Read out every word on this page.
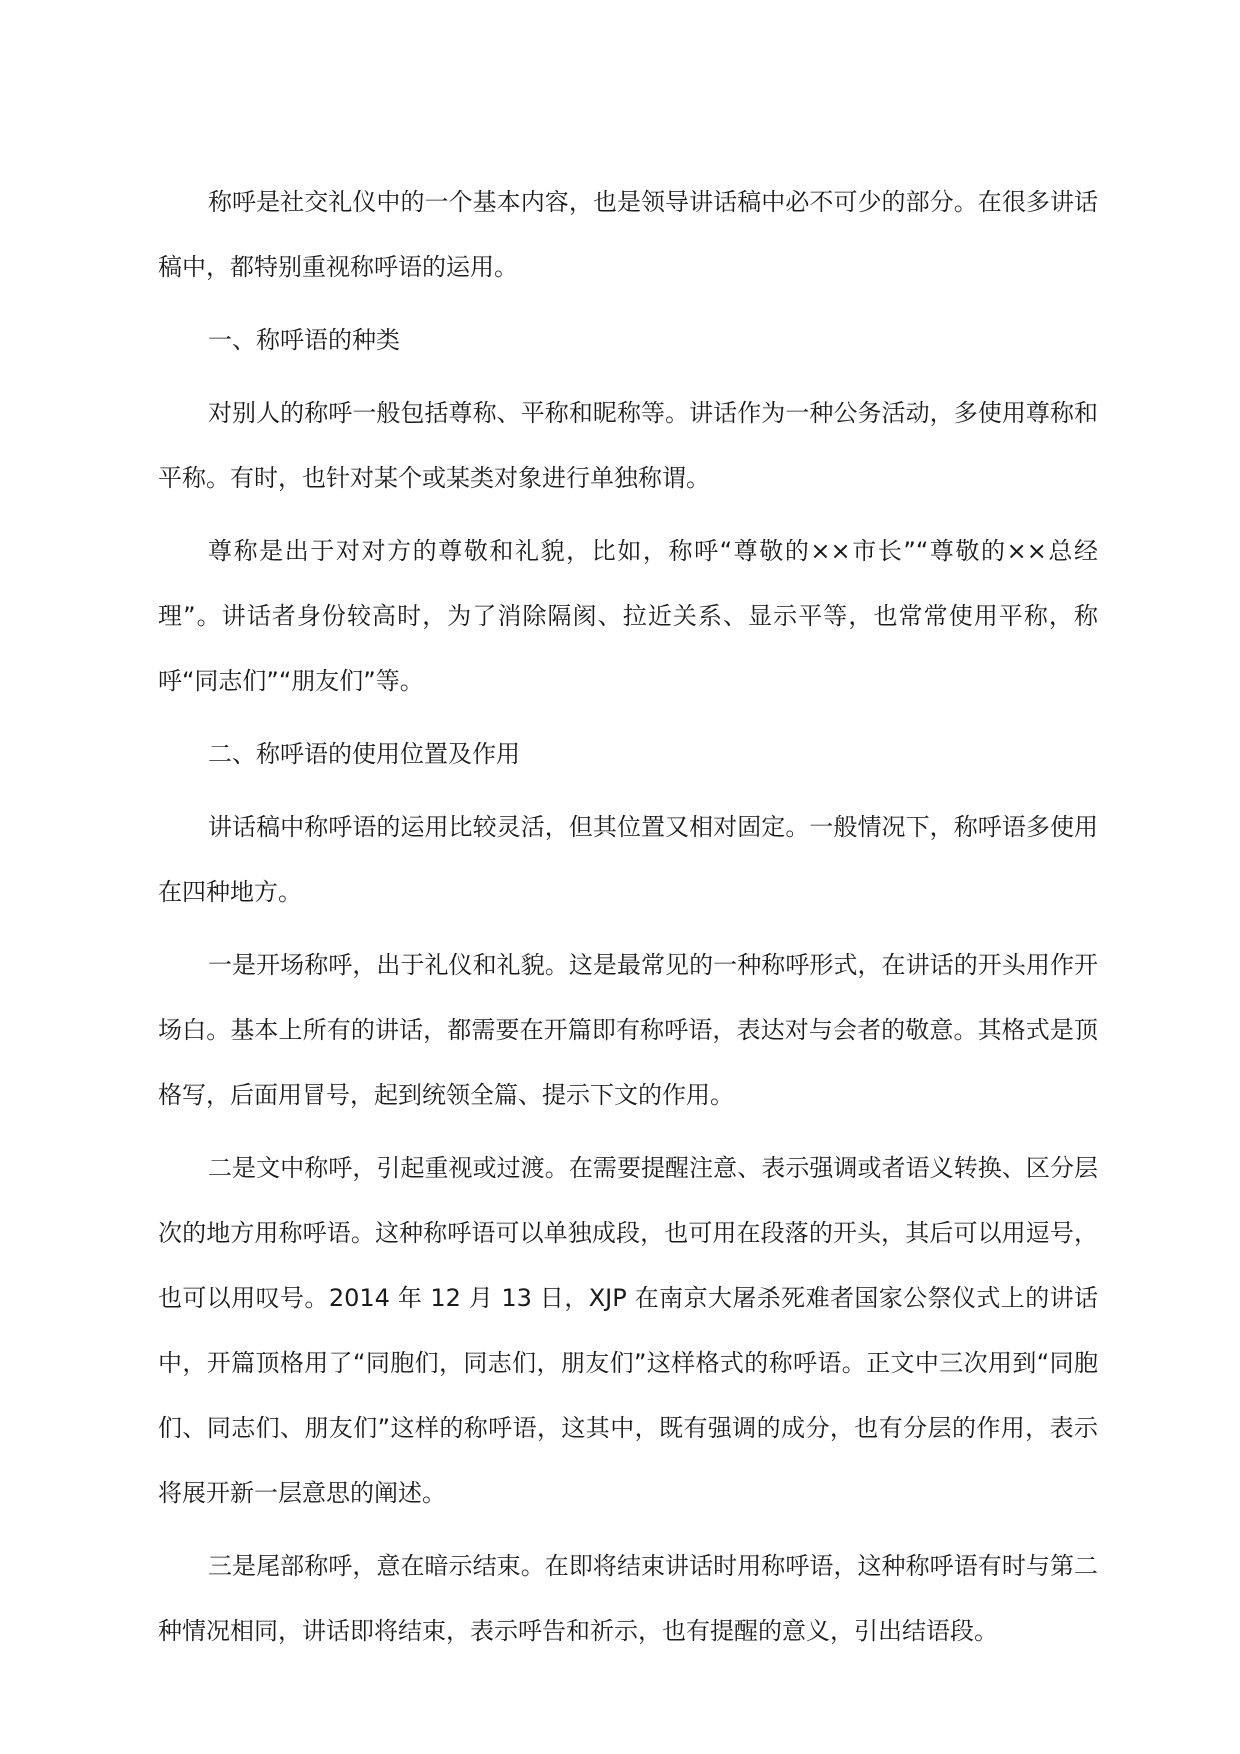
称呼是社交礼仪中的一个基本内容，也是领导讲话稿中必不可少的部分。在很多讲话稿中，都特别重视称呼语的运用。

一、称呼语的种类

对别人的称呼一般包括尊称、平称和昵称等。讲话作为一种公务活动，多使用尊称和平称。有时，也针对某个或某类对象进行单独称谓。

尊称是出于对对方的尊敬和礼貌，比如，称呼“尊敬的××市长”“尊敬的××总经理”。讲话者身份较高时，为了消除隔阂、拉近关系、显示平等，也常常使用平称，称呼“同志们”“朋友们”等。

二、称呼语的使用位置及作用

讲话稿中称呼语的运用比较灵活，但其位置又相对固定。一般情况下，称呼语多使用在四种地方。

一是开场称呼，出于礼仪和礼貌。这是最常见的一种称呼形式，在讲话的开头用作开场白。基本上所有的讲话，都需要在开篇即有称呼语，表达对与会者的敬意。其格式是顶格写，后面用冒号，起到统领全篇、提示下文的作用。

二是文中称呼，引起重视或过渡。在需要提醒注意、表示强调或者语义转换、区分层次的地方用称呼语。这种称呼语可以单独成段，也可用在段落的开头，其后可以用逗号，也可以用叹号。2014 年 12 月 13 日，XJP 在南京大屠杀死难者国家公祭仪式上的讲话中，开篇顶格用了“同胞们，同志们，朋友们”这样格式的称呼语。正文中三次用到“同胞们、同志们、朋友们”这样的称呼语，这其中，既有强调的成分，也有分层的作用，表示将展开新一层意思的阐述。

三是尾部称呼，意在暗示结束。在即将结束讲话时用称呼语，这种称呼语有时与第二种情况相同，讲话即将结束，表示呼告和祈示，也有提醒的意义，引出结语段。
